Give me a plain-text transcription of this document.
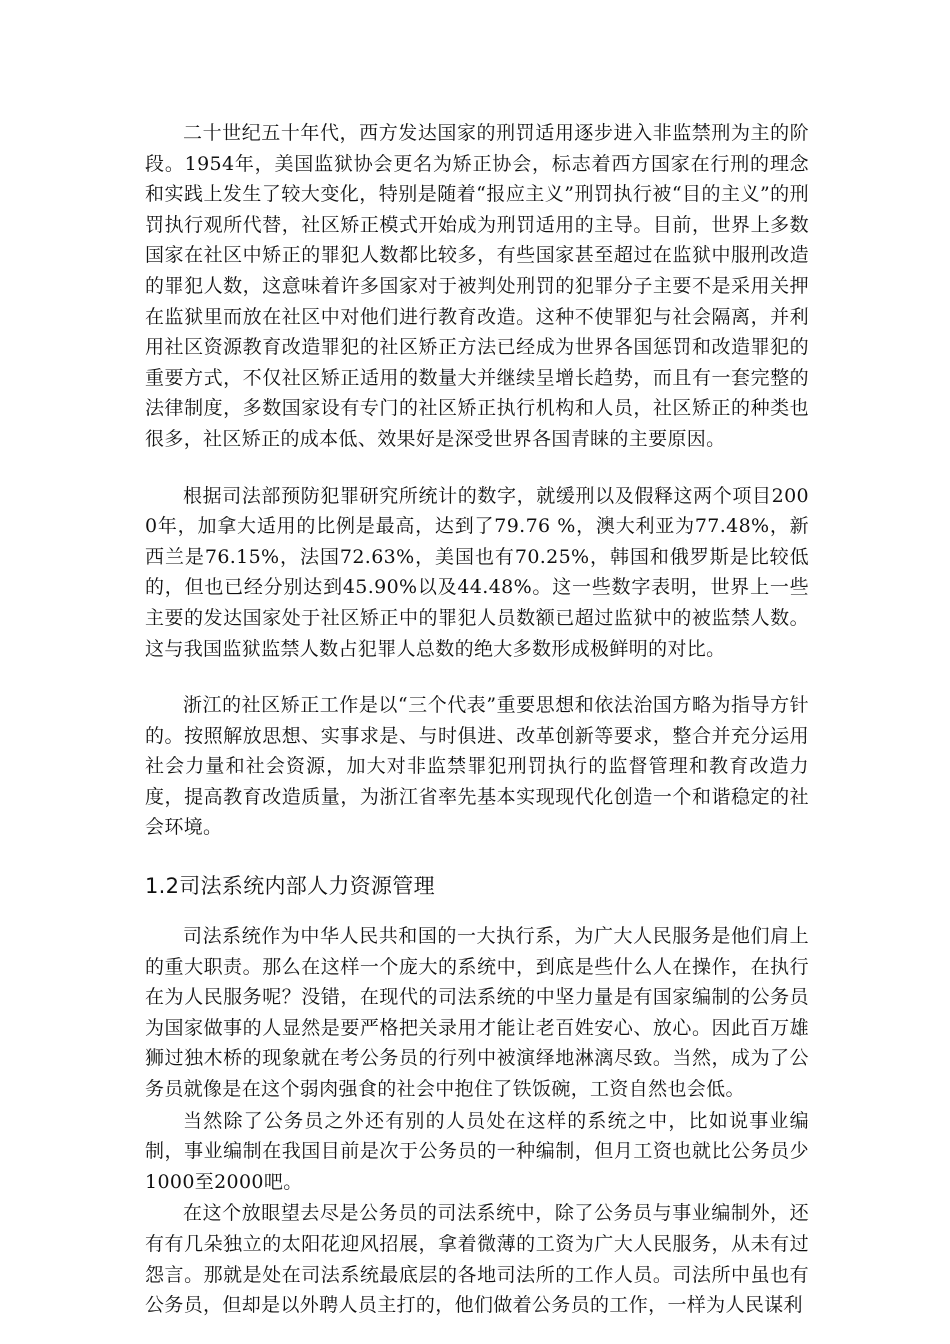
二十世纪五十年代，西方发达国家的刑罚适用逐步进入非监禁刑为主的阶段。1954年，美国监狱协会更名为矫正协会，标志着西方国家在行刑的理念和实践上发生了较大变化，特别是随着“报应主义”刑罚执行被“目的主义”的刑罚执行观所代替，社区矫正模式开始成为刑罚适用的主导。目前，世界上多数国家在社区中矫正的罪犯人数都比较多，有些国家甚至超过在监狱中服刑改造的罪犯人数，这意味着许多国家对于被判处刑罚的犯罪分子主要不是采用关押在监狱里而放在社区中对他们进行教育改造。这种不使罪犯与社会隔离，并利用社区资源教育改造罪犯的社区矫正方法已经成为世界各国惩罚和改造罪犯的重要方式，不仅社区矫正适用的数量大并继续呈增长趋势，而且有一套完整的法律制度，多数国家设有专门的社区矫正执行机构和人员，社区矫正的种类也很多，社区矫正的成本低、效果好是深受世界各国青睐的主要原因。

根据司法部预防犯罪研究所统计的数字，就缓刑以及假释这两个项目2000年，加拿大适用的比例是最高，达到了79.76 %，澳大利亚为77.48%，新西兰是76.15%，法国72.63%，美国也有70.25%，韩国和俄罗斯是比较低的，但也已经分别达到45.90%以及44.48%。这一些数字表明，世界上一些主要的发达国家处于社区矫正中的罪犯人员数额已超过监狱中的被监禁人数。这与我国监狱监禁人数占犯罪人总数的绝大多数形成极鲜明的对比。

浙江的社区矫正工作是以“三个代表”重要思想和依法治国方略为指导方针的。按照解放思想、实事求是、与时俱进、改革创新等要求，整合并充分运用社会力量和社会资源，加大对非监禁罪犯刑罚执行的监督管理和教育改造力度，提高教育改造质量，为浙江省率先基本实现现代化创造一个和谐稳定的社会环境。

1.2司法系统内部人力资源管理

司法系统作为中华人民共和国的一大执行系，为广大人民服务是他们肩上的重大职责。那么在这样一个庞大的系统中，到底是些什么人在操作，在执行在为人民服务呢？没错，在现代的司法系统的中坚力量是有国家编制的公务员为国家做事的人显然是要严格把关录用才能让老百姓安心、放心。因此百万雄狮过独木桥的现象就在考公务员的行列中被演绎地淋漓尽致。当然，成为了公务员就像是在这个弱肉强食的社会中抱住了铁饭碗，工资自然也会低。

当然除了公务员之外还有别的人员处在这样的系统之中，比如说事业编制，事业编制在我国目前是次于公务员的一种编制，但月工资也就比公务员少1000至2000吧。

在这个放眼望去尽是公务员的司法系统中，除了公务员与事业编制外，还有有几朵独立的太阳花迎风招展，拿着微薄的工资为广大人民服务，从未有过怨言。那就是处在司法系统最底层的各地司法所的工作人员。司法所中虽也有公务员，但却是以外聘人员主打的，他们做着公务员的工作，一样为人民谋利
